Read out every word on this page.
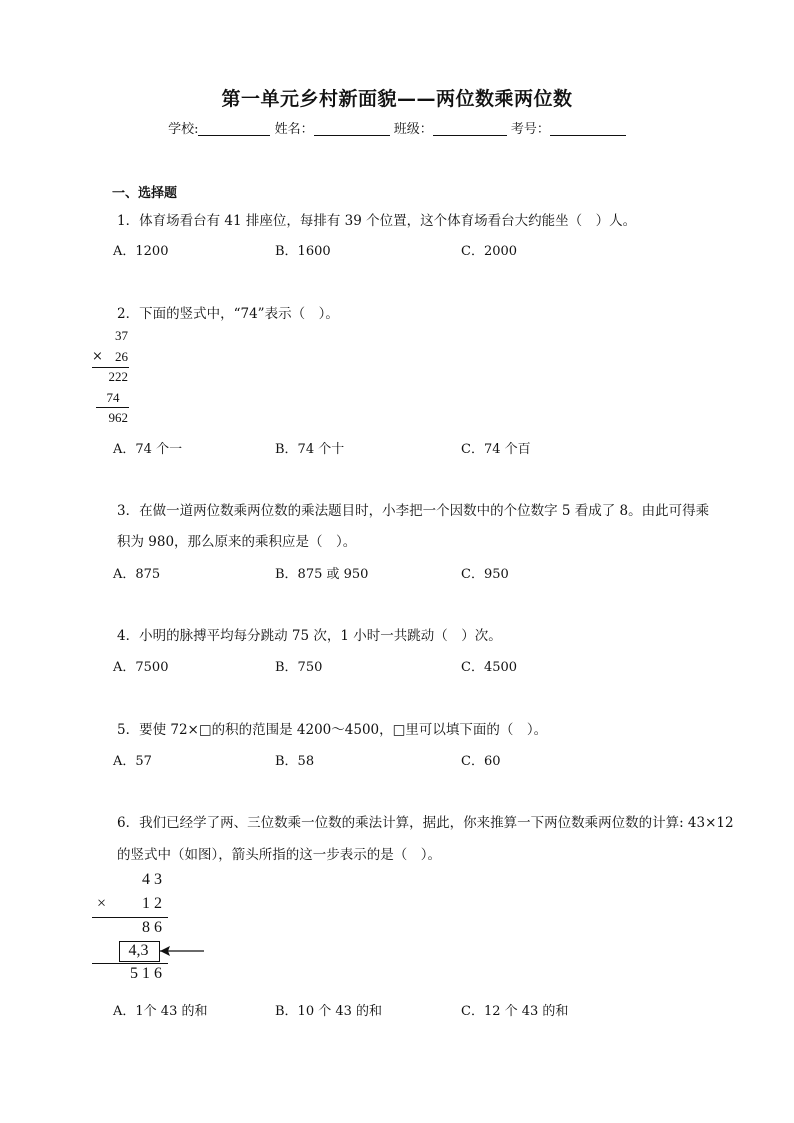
第一单元乡村新面貌——两位数乘两位数
学校:	姓名：	班级：	考号：
一、选择题
1．体育场看台有 41 排座位，每排有 39 个位置，这个体育场看台大约能坐（　）人。
A．1200	B．1600	C．2000
2．下面的竖式中，“74”表示（　）。
37
× 26
222
74
962
A．74 个一	B．74 个十	C．74 个百
3．在做一道两位数乘两位数的乘法题目时，小李把一个因数中的个位数字 5 看成了 8。由此可得乘
积为 980，那么原来的乘积应是（　）。
A．875	B．875 或 950	C．950
4．小明的脉搏平均每分跳动 75 次，1 小时一共跳动（　）次。
A．7500	B．750	C．4500
5．要使 72×□的积的范围是 4200～4500，□里可以填下面的（　）。
A．57	B．58	C．60
6．我们已经学了两、三位数乘一位数的乘法计算，据此，你来推算一下两位数乘两位数的计算: 43×12
的竖式中（如图），箭头所指的这一步表示的是（　）。
4 3
×	1 2
8 6
4,3
5 1 6
A．1个 43 的和	B．10 个 43 的和	C．12 个 43 的和
